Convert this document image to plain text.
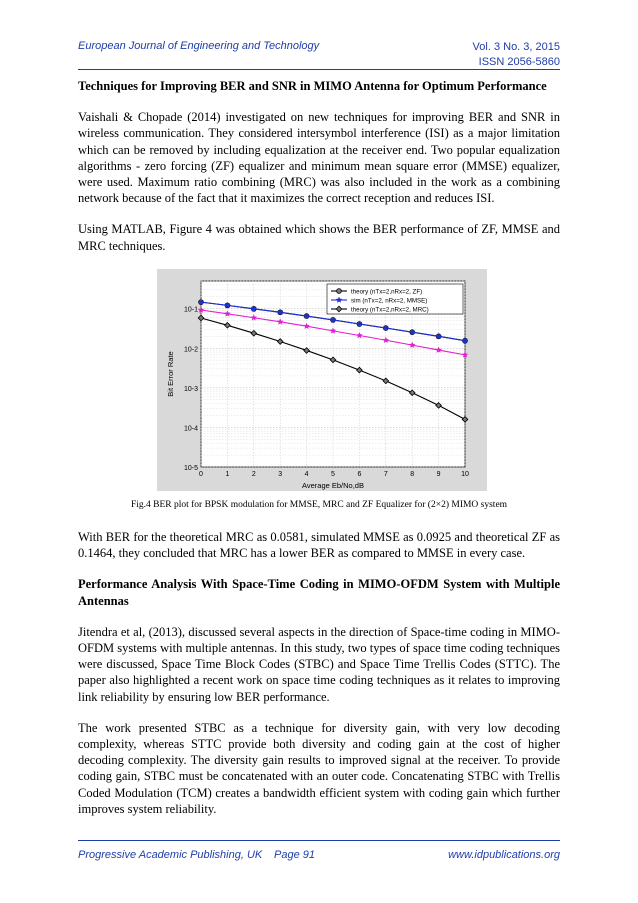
European Journal of Engineering and Technology	Vol. 3 No. 3, 2015
ISSN 2056-5860
Techniques for Improving BER and SNR in MIMO Antenna for Optimum Performance

Vaishali & Chopade (2014) investigated on new techniques for improving BER and SNR in wireless communication. They considered intersymbol interference (ISI) as a major limitation which can be removed by including equalization at the receiver end. Two popular equalization algorithms - zero forcing (ZF) equalizer and minimum mean square error (MMSE) equalizer, were used. Maximum ratio combining (MRC) was also included in the work as a combining network because of the fact that it maximizes the correct reception and reduces ISI.

Using MATLAB, Figure 4 was obtained which shows the BER performance of ZF, MMSE and MRC techniques.

0	1	2	3	4	5	6	7	8	9	10
10-1
10-2
10-3
10-4
10-5
theory (nTx=2,nRx=2, ZF)
sim (nTx=2, nRx=2, MMSE)
theory (nTx=2,nRx=2, MRC)
Average Eb/No,dB
Bit Error Rate
Fig.4 BER plot for BPSK modulation for MMSE, MRC and ZF Equalizer for (2×2) MIMO system

With BER for the theoretical MRC as 0.0581, simulated MMSE as 0.0925 and theoretical ZF as 0.1464, they concluded that MRC has a lower BER as compared to MMSE in every case.

Performance Analysis With Space-Time Coding in MIMO-OFDM System with Multiple Antennas

Jitendra et al, (2013), discussed several aspects in the direction of Space-time coding in MIMO-OFDM systems with multiple antennas. In this study, two types of space time coding techniques were discussed, Space Time Block Codes (STBC) and Space Time Trellis Codes (STTC). The paper also highlighted a recent work on space time coding techniques as it relates to improving link reliability by ensuring low BER performance.

The work presented STBC as a technique for diversity gain, with very low decoding complexity, whereas STTC provide both diversity and coding gain at the cost of higher decoding complexity. The diversity gain results to improved signal at the receiver. To provide coding gain, STBC must be concatenated with an outer code. Concatenating STBC with Trellis Coded Modulation (TCM) creates a bandwidth efficient system with coding gain which further improves system reliability.

Progressive Academic Publishing, UK Page 91	www.idpublications.org
